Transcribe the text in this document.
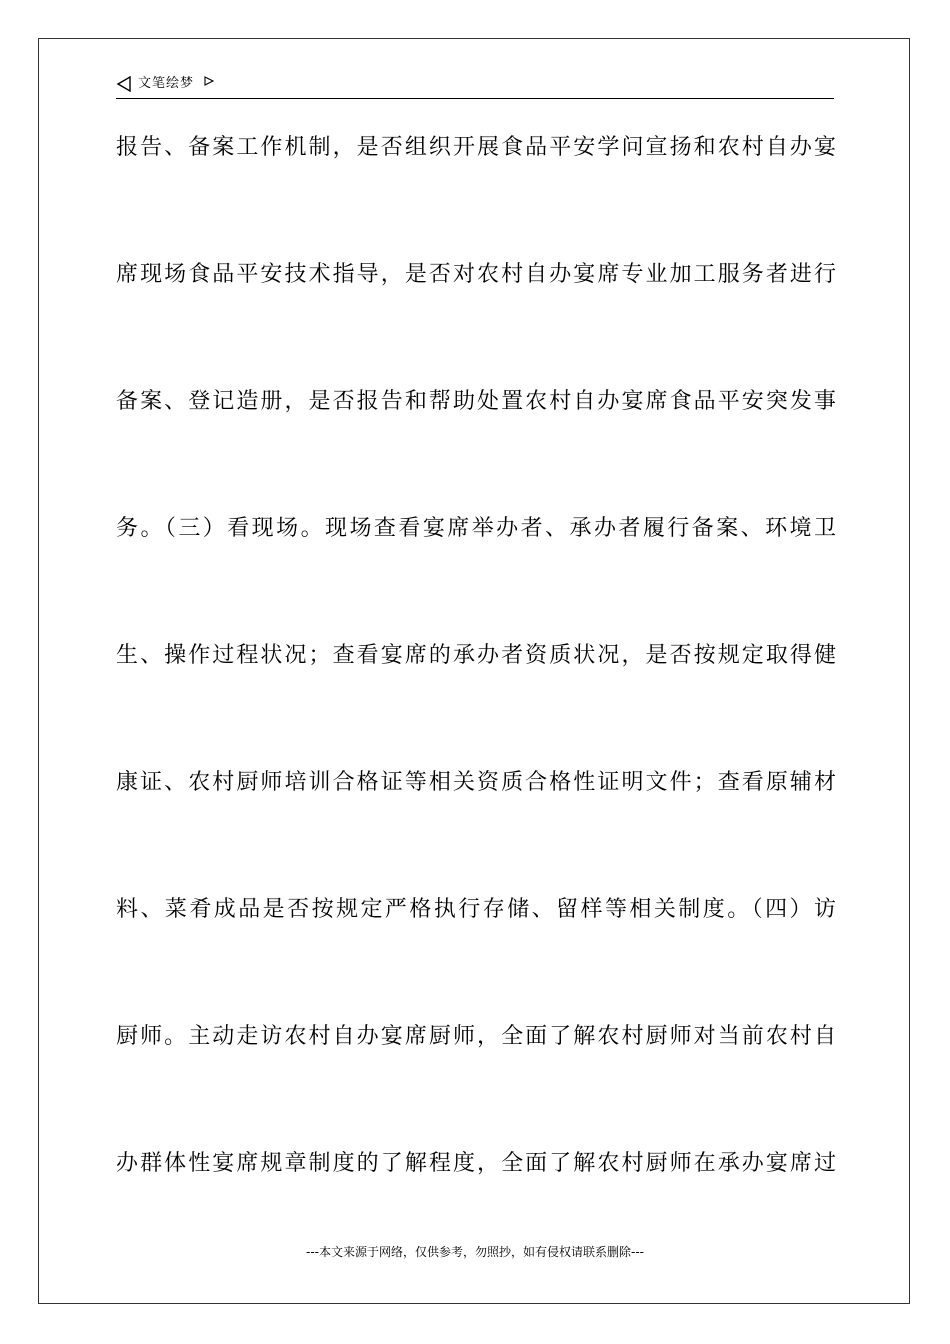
文笔绘梦
报告、备案工作机制，是否组织开展食品平安学问宣扬和农村自办宴
席现场食品平安技术指导，是否对农村自办宴席专业加工服务者进行
备案、登记造册，是否报告和帮助处置农村自办宴席食品平安突发事
务。（三）看现场。现场查看宴席举办者、承办者履行备案、环境卫
生、操作过程状况；查看宴席的承办者资质状况，是否按规定取得健
康证、农村厨师培训合格证等相关资质合格性证明文件；查看原辅材
料、菜肴成品是否按规定严格执行存储、留样等相关制度。（四）访
厨师。主动走访农村自办宴席厨师，全面了解农村厨师对当前农村自
办群体性宴席规章制度的了解程度，全面了解农村厨师在承办宴席过
---本文来源于网络，仅供参考，勿照抄，如有侵权请联系删除---
